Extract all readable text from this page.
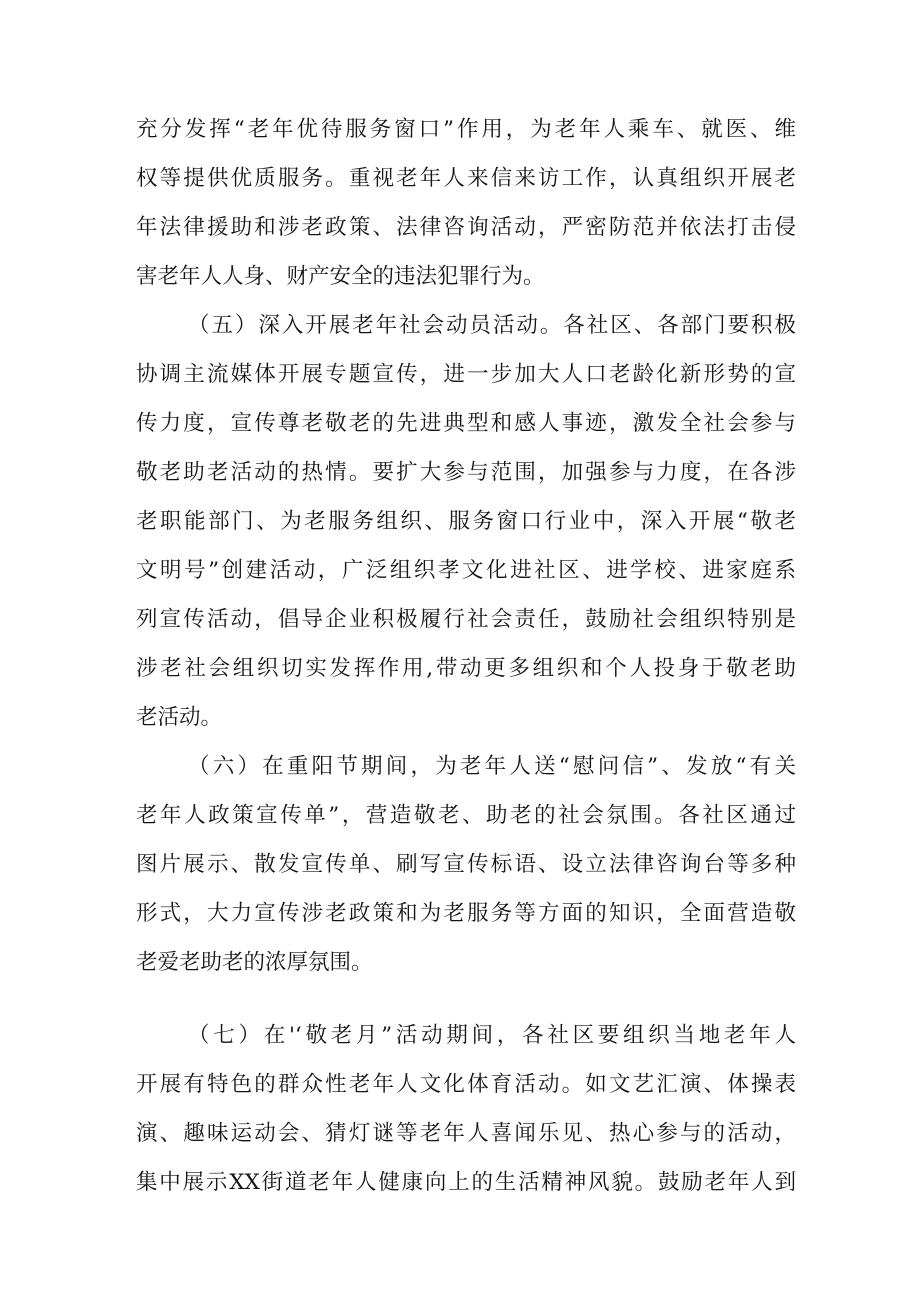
充分发挥“老年优待服务窗口”作用，为老年人乘车、就医、维
权等提供优质服务。重视老年人来信来访工作，认真组织开展老
年法律援助和涉老政策、法律咨询活动，严密防范并依法打击侵
害老年人人身、财产安全的违法犯罪行为。
（五）深入开展老年社会动员活动。各社区、各部门要积极
协调主流媒体开展专题宣传，进一步加大人口老龄化新形势的宣
传力度，宣传尊老敬老的先进典型和感人事迹，激发全社会参与
敬老助老活动的热情。要扩大参与范围，加强参与力度，在各涉
老职能部门、为老服务组织、服务窗口行业中，深入开展“敬老
文明号”创建活动，广泛组织孝文化进社区、进学校、进家庭系
列宣传活动，倡导企业积极履行社会责任，鼓励社会组织特别是
涉老社会组织切实发挥作用,带动更多组织和个人投身于敬老助
老活动。
（六）在重阳节期间，为老年人送“慰问信”、发放“有关
老年人政策宣传单”，营造敬老、助老的社会氛围。各社区通过
图片展示、散发宣传单、刷写宣传标语、设立法律咨询台等多种
形式，大力宣传涉老政策和为老服务等方面的知识，全面营造敬
老爱老助老的浓厚氛围。
（七）在'‘敬老月”活动期间，各社区要组织当地老年人
开展有特色的群众性老年人文化体育活动。如文艺汇演、体操表
演、趣味运动会、猜灯谜等老年人喜闻乐见、热心参与的活动，
集中展示XX街道老年人健康向上的生活精神风貌。鼓励老年人到
